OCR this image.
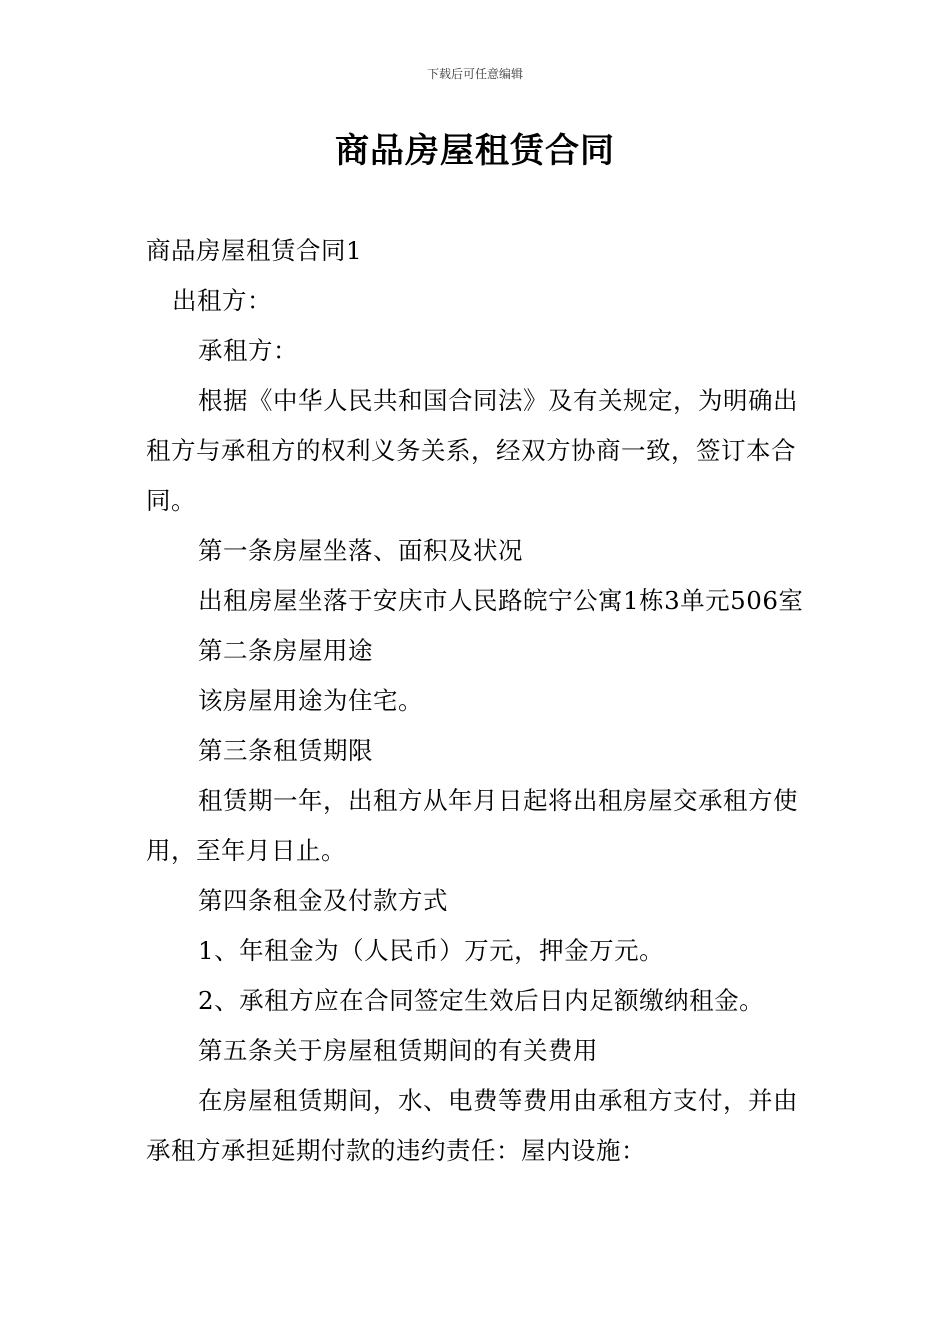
下载后可任意编辑
商品房屋租赁合同

商品房屋租赁合同1

出租方：

承租方：

根据《中华人民共和国合同法》及有关规定，为明确出租方与承租方的权利义务关系，经双方协商一致，签订本合同。

第一条房屋坐落、面积及状况

出租房屋坐落于安庆市人民路皖宁公寓1栋3单元506室

第二条房屋用途

该房屋用途为住宅。

第三条租赁期限

租赁期一年，出租方从年月日起将出租房屋交承租方使用，至年月日止。

第四条租金及付款方式

1、年租金为（人民币）万元，押金万元。

2、承租方应在合同签定生效后日内足额缴纳租金。

第五条关于房屋租赁期间的有关费用

在房屋租赁期间，水、电费等费用由承租方支付，并由承租方承担延期付款的违约责任：屋内设施：
